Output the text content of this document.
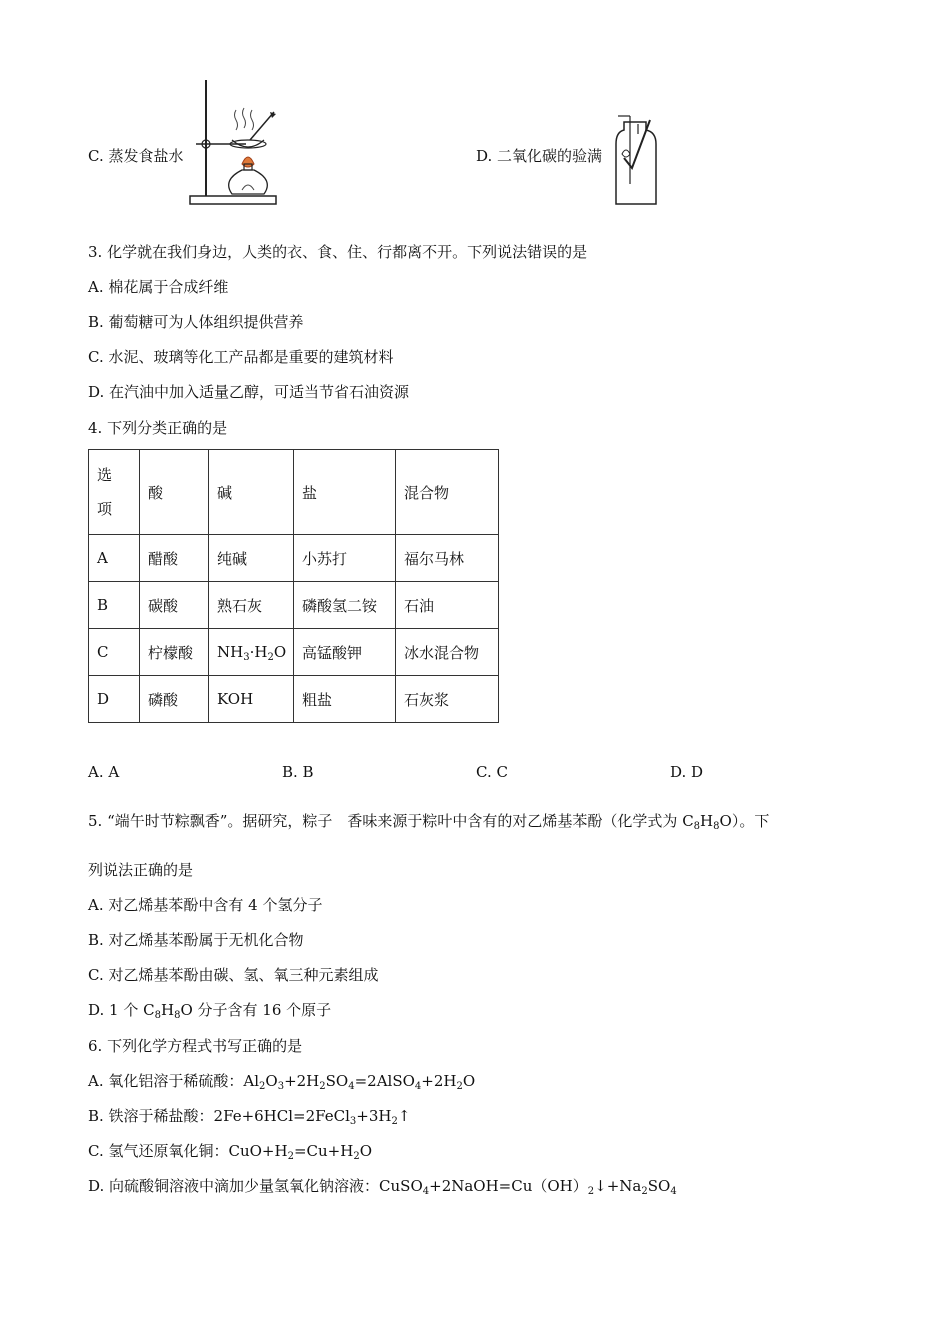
C. 蒸发食盐水	D. 二氧化碳的验满
3. 化学就在我们身边，人类的衣、食、住、行都离不开。下列说法错误的是
A. 棉花属于合成纤维
B. 葡萄糖可为人体组织提供营养
C. 水泥、玻璃等化工产品都是重要的建筑材料
D. 在汽油中加入适量乙醇，可适当节省石油资源
4. 下列分类正确的是
选
项	酸	碱	盐	混合物
A	醋酸	纯碱	小苏打	福尔马林
B	碳酸	熟石灰	磷酸氢二铵	石油
C	柠檬酸	$NH_3\cdot H_2O$	高锰酸钾	冰水混合物
D	磷酸	KOH	粗盐	石灰浆
A. A	B. B	C. C	D. D
5. “端午时节粽飘香”。据研究，粽子　香味来源于粽叶中含有的对乙烯基苯酚（化学式为 $C_8H_8O$）。下
列说法正确的是
A. 对乙烯基苯酚中含有 4 个氢分子
B. 对乙烯基苯酚属于无机化合物
C. 对乙烯基苯酚由碳、氢、氧三种元素组成
D. 1 个 $C_8H_8O$ 分子含有 16 个原子
6. 下列化学方程式书写正确的是
A. 氧化铝溶于稀硫酸：$Al_2O_3+2H_2SO_4=2AlSO_4+2H_2O$
B. 铁溶于稀盐酸：$2Fe+6HCl=2FeCl_3+3H_2↑$
C. 氢气还原氧化铜：$CuO+H_2=Cu+H_2O$
D. 向硫酸铜溶液中滴加少量氢氧化钠溶液：$CuSO_4+2NaOH=Cu(OH)_2↓+Na_2SO_4$
